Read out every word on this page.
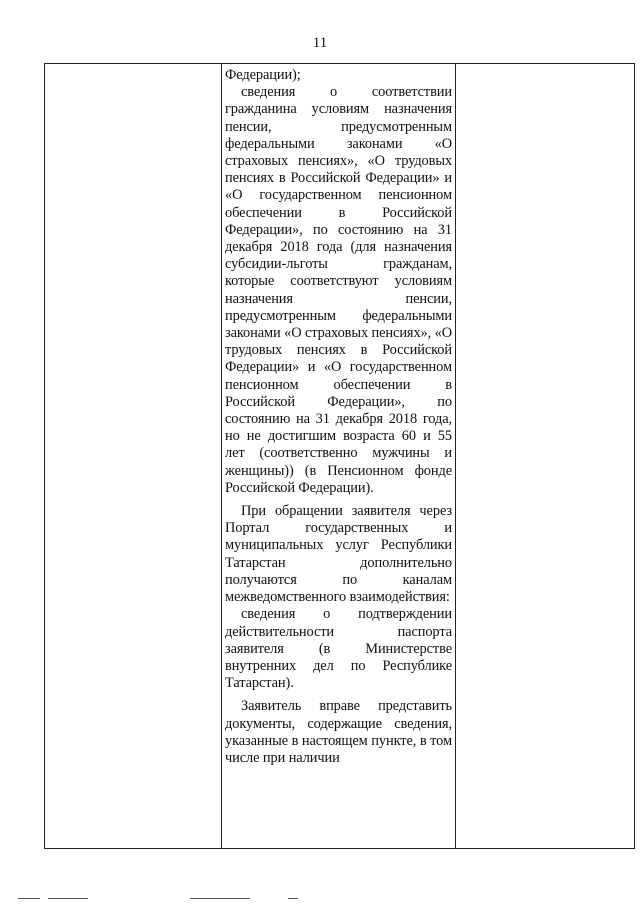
11

Федерации);

сведения о соответствии гражданина условиям назначения пенсии, предусмотренным федеральными законами «О страховых пенсиях», «О трудовых пенсиях в Российской Федерации» и «О государственном пенсионном обеспечении в Российской Федерации», по состоянию на 31 декабря 2018 года (для назначения субсидии-льготы гражданам, которые соответствуют условиям назначения пенсии, предусмотренным федеральными законами «О страховых пенсиях», «О трудовых пенсиях в Российской Федерации» и «О государственном пенсионном обеспечении в Российской Федерации», по состоянию на 31 декабря 2018 года, но не достигшим возраста 60 и 55 лет (соответственно мужчины и женщины)) (в Пенсионном фонде Российской Федерации).

При обращении заявителя через Портал государственных и муниципальных услуг Республики Татарстан дополнительно получаются по каналам межведомственного взаимодействия:

сведения о подтверждении действительности паспорта заявителя (в Министерстве внутренних дел по Республике Татарстан).

Заявитель вправе представить документы, содержащие сведения, указанные в настоящем пункте, в том числе при наличии
